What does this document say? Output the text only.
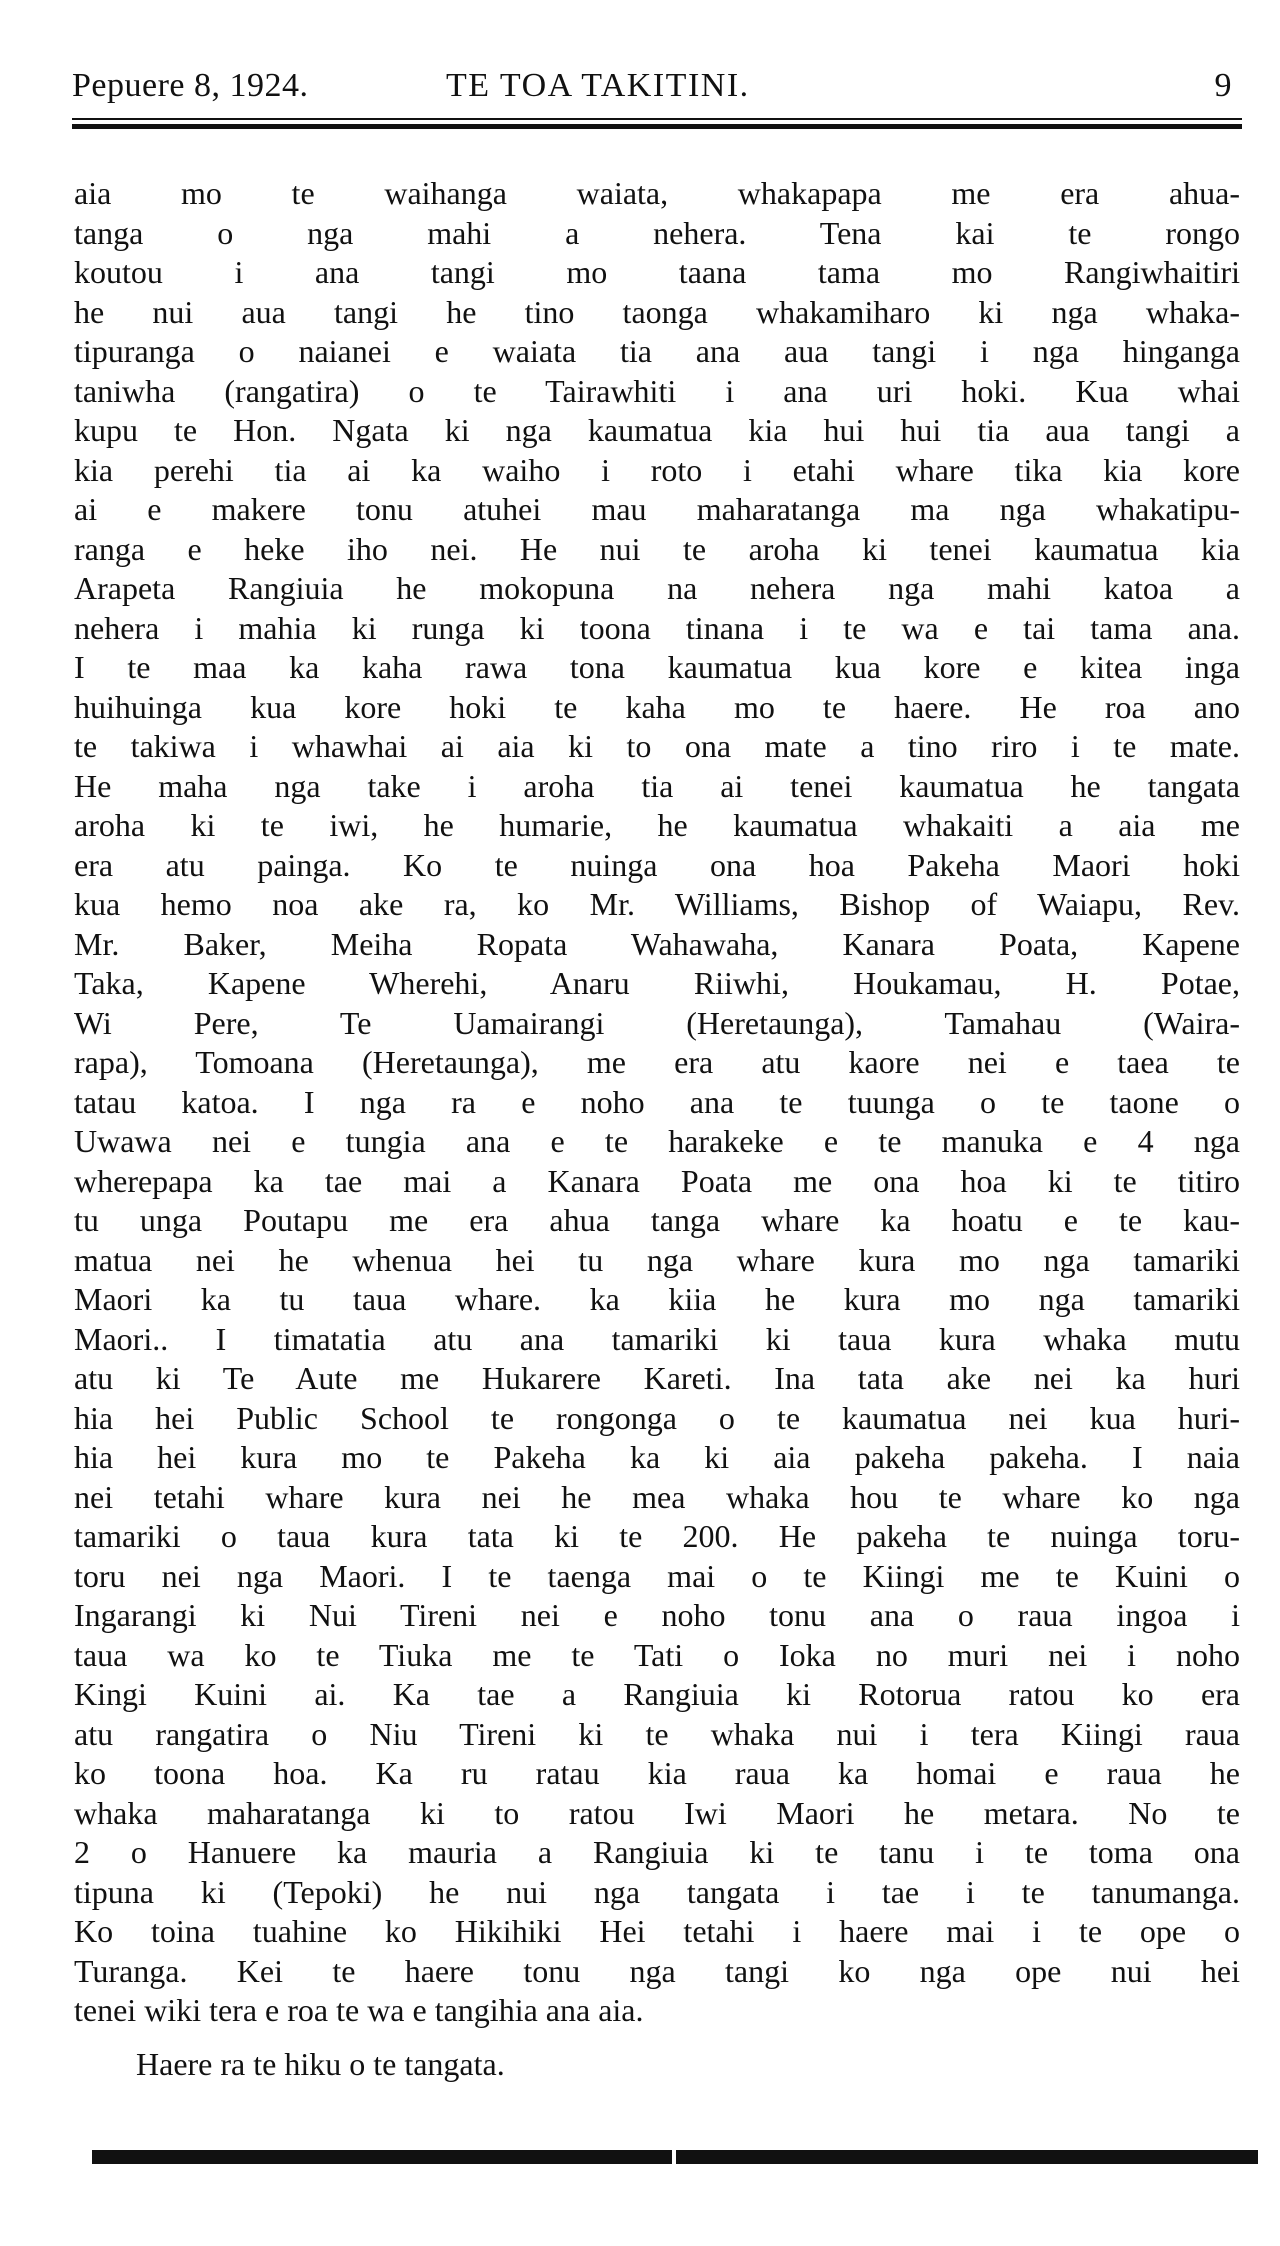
Pepuere 8, 1924.	TE TOA TAKITINI.	9
aia mo te waihanga waiata, whakapapa me era ahua-
tanga o nga mahi a nehera. Tena kai te rongo
koutou i ana tangi mo taana tama mo Rangiwhaitiri
he nui aua tangi he tino taonga whakamiharo ki nga whaka-
tipuranga o naianei e waiata tia ana aua tangi i nga hinganga
taniwha (rangatira) o te Tairawhiti i ana uri hoki. Kua whai
kupu te Hon. Ngata ki nga kaumatua kia hui hui tia aua tangi a
kia perehi tia ai ka waiho i roto i etahi whare tika kia kore
ai e makere tonu atuhei mau maharatanga ma nga whakatipu-
ranga e heke iho nei. He nui te aroha ki tenei kaumatua kia
Arapeta Rangiuia he mokopuna na nehera nga mahi katoa a
nehera i mahia ki runga ki toona tinana i te wa e tai tama ana.
I te maa ka kaha rawa tona kaumatua kua kore e kitea inga
huihuinga kua kore hoki te kaha mo te haere. He roa ano
te takiwa i whawhai ai aia ki to ona mate a tino riro i te mate.
He maha nga take i aroha tia ai tenei kaumatua he tangata
aroha ki te iwi, he humarie, he kaumatua whakaiti a aia me
era atu painga. Ko te nuinga ona hoa Pakeha Maori hoki
kua hemo noa ake ra, ko Mr. Williams, Bishop of Waiapu, Rev.
Mr. Baker, Meiha Ropata Wahawaha, Kanara Poata, Kapene
Taka, Kapene Wherehi, Anaru Riiwhi, Houkamau, H. Potae,
Wi Pere, Te Uamairangi (Heretaunga), Tamahau (Waira-
rapa), Tomoana (Heretaunga), me era atu kaore nei e taea te
tatau katoa. I nga ra e noho ana te tuunga o te taone o
Uwawa nei e tungia ana e te harakeke e te manuka e 4 nga
wherepapa ka tae mai a Kanara Poata me ona hoa ki te titiro
tu unga Poutapu me era ahua tanga whare ka hoatu e te kau-
matua nei he whenua hei tu nga whare kura mo nga tamariki
Maori ka tu taua whare. ka kiia he kura mo nga tamariki
Maori.. I timatatia atu ana tamariki ki taua kura whaka mutu
atu ki Te Aute me Hukarere Kareti. Ina tata ake nei ka huri
hia hei Public School te rongonga o te kaumatua nei kua huri-
hia hei kura mo te Pakeha ka ki aia pakeha pakeha. I naia
nei tetahi whare kura nei he mea whaka hou te whare ko nga
tamariki o taua kura tata ki te 200. He pakeha te nuinga toru-
toru nei nga Maori. I te taenga mai o te Kiingi me te Kuini o
Ingarangi ki Nui Tireni nei e noho tonu ana o raua ingoa i
taua wa ko te Tiuka me te Tati o Ioka no muri nei i noho
Kingi Kuini ai. Ka tae a Rangiuia ki Rotorua ratou ko era
atu rangatira o Niu Tireni ki te whaka nui i tera Kiingi raua
ko toona hoa. Ka ru ratau kia raua ka homai e raua he
whaka maharatanga ki to ratou Iwi Maori he metara. No te
2 o Hanuere ka mauria a Rangiuia ki te tanu i te toma ona
tipuna ki (Tepoki) he nui nga tangata i tae i te tanumanga.
Ko toina tuahine ko Hikihiki Hei tetahi i haere mai i te ope o
Turanga. Kei te haere tonu nga tangi ko nga ope nui hei
tenei wiki tera e roa te wa e tangihia ana aia.
Haere ra te hiku o te tangata.
